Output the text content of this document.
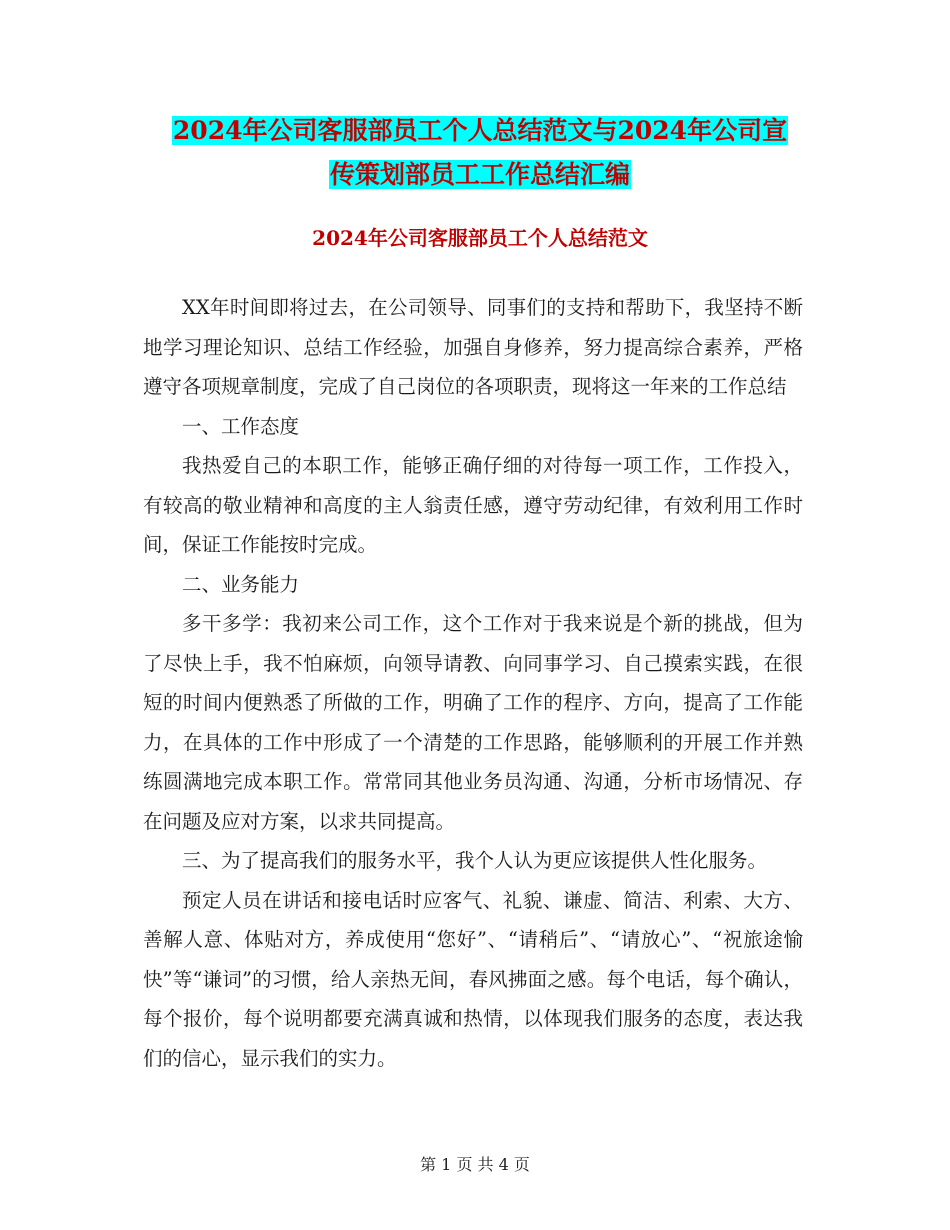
2024年公司客服部员工个人总结范文与2024年公司宣
传策划部员工工作总结汇编
2024年公司客服部员工个人总结范文

XX年时间即将过去，在公司领导、同事们的支持和帮助下，我坚持不断地学习理论知识、总结工作经验，加强自身修养，努力提高综合素养，严格遵守各项规章制度，完成了自己岗位的各项职责，现将这一年来的工作总结

一、工作态度

我热爱自己的本职工作，能够正确仔细的对待每一项工作，工作投入，有较高的敬业精神和高度的主人翁责任感，遵守劳动纪律，有效利用工作时间，保证工作能按时完成。

二、业务能力

多干多学：我初来公司工作，这个工作对于我来说是个新的挑战，但为了尽快上手，我不怕麻烦，向领导请教、向同事学习、自己摸索实践，在很短的时间内便熟悉了所做的工作，明确了工作的程序、方向，提高了工作能力，在具体的工作中形成了一个清楚的工作思路，能够顺利的开展工作并熟练圆满地完成本职工作。常常同其他业务员沟通、沟通，分析市场情况、存在问题及应对方案，以求共同提高。

三、为了提高我们的服务水平，我个人认为更应该提供人性化服务。

预定人员在讲话和接电话时应客气、礼貌、谦虚、简洁、利索、大方、善解人意、体贴对方，养成使用“您好”、“请稍后”、“请放心”、“祝旅途愉快”等“谦词”的习惯，给人亲热无间，春风拂面之感。每个电话，每个确认，每个报价，每个说明都要充满真诚和热情，以体现我们服务的态度，表达我们的信心，显示我们的实力。

第 1 页 共 4 页
